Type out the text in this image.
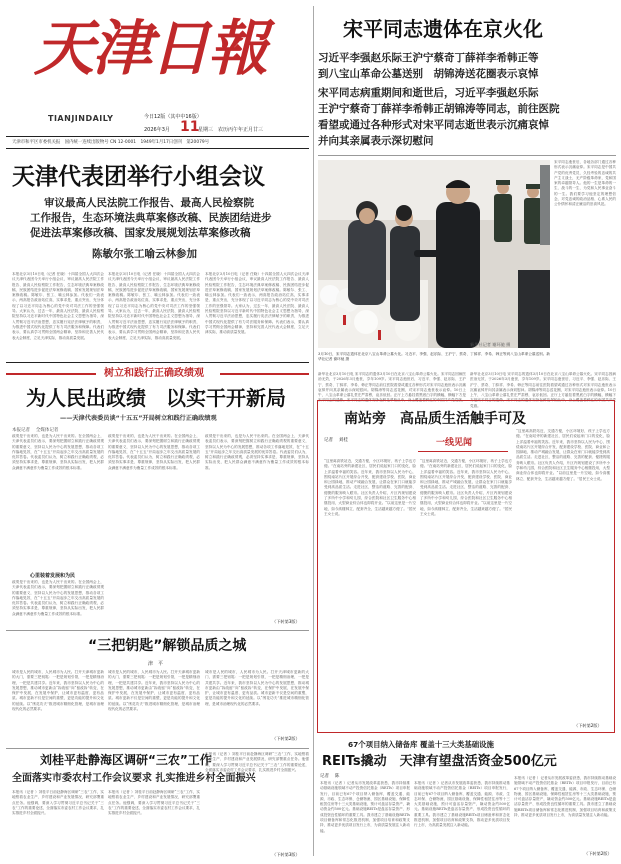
天津日報
TIANJINDAILY	今日12版（其中中16版）
2026年3月 11
星期三　农历丙午年正月廿三
天津市和平区市委机关报　国内统一连续出版物号 CN 12-0001　1949年1月17日创刊　第20079号
宋平同志遗体在京火化
习近平李强赵乐际王沪宁蔡奇丁薛祥李希韩正等
到八宝山革命公墓送别　胡锦涛送花圈表示哀悼
宋平同志病重期间和逝世后，习近平李强赵乐际
王沪宁蔡奇丁薛祥李希韩正胡锦涛等同志，前往医院
看望或通过各种形式对宋平同志逝世表示沉痛哀悼
并向其亲属表示深切慰问
天津代表团举行小组会议
审议最高人民法院工作报告、最高人民检察院
工作报告，生态环境法典草案修改稿、民族团结进步
促进法草案修改稿、国家发展规划法草案修改稿
陈敏尔张工喻云林参加
本报北京3月10日电（记者 任晓）十四届全国人大四次会议天津代表团今天举行小组会议，审议最高人民法院工作报告、最高人民检察院工作报告，生态环境法典草案修改稿、民族团结进步促进法草案修改稿、国家发展规划法草案修改稿。陈敏尔、张工、喻云林参加。代表们一致表示，两高报告政治站位高，实事求是、重点突出，充分体现了以习近平同志为核心的党中央对司法工作的坚强领导。大家认为，过去一年，最高人民法院、最高人民检察院坚持以习近平新时代中国特色社会主义思想为指导，深入贯彻习近平法治思想，忠实履行宪法法律赋予的职责，为推进中国式现代化提供了有力司法服务和保障。代表们表示，要认真学习贯彻全国两会精神，坚持和完善人民代表大会制度，立足天津实际，推动高质量发展。
本报北京3月10日电（记者 任晓）十四届全国人大四次会议天津代表团今天举行小组会议，审议最高人民法院工作报告、最高人民检察院工作报告，生态环境法典草案修改稿、民族团结进步促进法草案修改稿、国家发展规划法草案修改稿。陈敏尔、张工、喻云林参加。代表们一致表示，两高报告政治站位高，实事求是、重点突出，充分体现了以习近平同志为核心的党中央对司法工作的坚强领导。大家认为，过去一年，最高人民法院、最高人民检察院坚持以习近平新时代中国特色社会主义思想为指导，深入贯彻习近平法治思想，忠实履行宪法法律赋予的职责，为推进中国式现代化提供了有力司法服务和保障。代表们表示，要认真学习贯彻全国两会精神，坚持和完善人民代表大会制度，立足天津实际，推动高质量发展。
本报北京3月10日电（记者 任晓）十四届全国人大四次会议天津代表团今天举行小组会议，审议最高人民法院工作报告、最高人民检察院工作报告，生态环境法典草案修改稿、民族团结进步促进法草案修改稿、国家发展规划法草案修改稿。陈敏尔、张工、喻云林参加。代表们一致表示，两高报告政治站位高，实事求是、重点突出，充分体现了以习近平同志为核心的党中央对司法工作的坚强领导。大家认为，过去一年，最高人民法院、最高人民检察院坚持以习近平新时代中国特色社会主义思想为指导，深入贯彻习近平法治思想，忠实履行宪法法律赋予的职责，为推进中国式现代化提供了有力司法服务和保障。代表们表示，要认真学习贯彻全国两会精神，坚持和完善人民代表大会制度，立足天津实际，推动高质量发展。
宋平同志逝世后，各地各部门通过各种形式表示沉痛哀悼。宋平同志是中国共产党的优秀党员，久经考验的忠诚的共产主义战士，无产阶级革命家，党和国家的卓越领导人。他的一生是革命的一生、战斗的一生、为党和人民事业奋斗的一生。我们要学习他坚定的理想信念、对党忠诚的政治品格、心系人民的公仆情怀和清正廉洁的崇高风范。
3月10日，宋平同志遗体在北京八宝山革命公墓火化。习近平、李强、赵乐际、王沪宁、蔡奇、丁薛祥、李希、韩正等到八宝山革命公墓送别。新华社记者 谢环驰 摄
新华社北京3月10日电 宋平同志的遗体3月10日在北京八宝山革命公墓火化。宋平同志因病医治无效，于2026年3月逝世，享年109岁。宋平同志逝世后，习近平、李强、赵乐际、王沪宁、蔡奇、丁薛祥、李希、韩正等同志前往医院看望或通过各种形式对宋平同志逝世表示沉痛哀悼并向其亲属表示深切慰问。胡锦涛等同志送花圈，对宋平同志逝世表示哀悼。10日上午，八宝山革命公墓礼堂庄严肃穆，哀乐低回。正厅上方悬挂着黑底白字的横幅，横幅下方是宋平同志的遗像。宋平同志的遗体安卧在鲜花翠柏丛中，身上覆盖着鲜红的中国共产党党旗。
新华社北京3月10日电 宋平同志的遗体3月10日在北京八宝山革命公墓火化。宋平同志因病医治无效，于2026年3月逝世，享年109岁。宋平同志逝世后，习近平、李强、赵乐际、王沪宁、蔡奇、丁薛祥、李希、韩正等同志前往医院看望或通过各种形式对宋平同志逝世表示沉痛哀悼并向其亲属表示深切慰问。胡锦涛等同志送花圈，对宋平同志逝世表示哀悼。10日上午，八宝山革命公墓礼堂庄严肃穆，哀乐低回。正厅上方悬挂着黑底白字的横幅，横幅下方是宋平同志的遗像。宋平同志的遗体安卧在鲜花翠柏丛中，身上覆盖着鲜红的中国共产党党旗。
新华社记者 谢环驰 摄
树立和践行正确政绩观
为人民出政绩　以实干开新局
——天津代表委员谈“十五五”开局树立和践行正确政绩观
本报记者 　全媒体记者
政绩是干出来的，也是为人民干出来的。在全国两会上，天津代表委员们表示，要深刻把握树立和践行正确政绩观的重要意义，坚持以人民为中心的发展思想，推动各项工作落地见效，在“十五五”开局起步之年交出高质量发展的优异答卷。代表委员们认为，树立和践行正确政绩观，必须坚持实事求是、尊重规律，坚持从实际出发，把人民群众满意不满意作为衡量工作成效的根本标准。
心里装着发展和为民
政绩是干出来的，也是为人民干出来的。在全国两会上，天津代表委员们表示，要深刻把握树立和践行正确政绩观的重要意义，坚持以人民为中心的发展思想，推动各项工作落地见效，在“十五五”开局起步之年交出高质量发展的优异答卷。代表委员们认为，树立和践行正确政绩观，必须坚持实事求是、尊重规律，坚持从实际出发，把人民群众满意不满意作为衡量工作成效的根本标准。
政绩是干出来的，也是为人民干出来的。在全国两会上，天津代表委员们表示，要深刻把握树立和践行正确政绩观的重要意义，坚持以人民为中心的发展思想，推动各项工作落地见效，在“十五五”开局起步之年交出高质量发展的优异答卷。代表委员们认为，树立和践行正确政绩观，必须坚持实事求是、尊重规律，坚持从实际出发，把人民群众满意不满意作为衡量工作成效的根本标准。
政绩是干出来的，也是为人民干出来的。在全国两会上，天津代表委员们表示，要深刻把握树立和践行正确政绩观的重要意义，坚持以人民为中心的发展思想，推动各项工作落地见效，在“十五五”开局起步之年交出高质量发展的优异答卷。代表委员们认为，树立和践行正确政绩观，必须坚持实事求是、尊重规律，坚持从实际出发，把人民群众满意不满意作为衡量工作成效的根本标准。
（下转第3版）
“三把钥匙”解锁品质之城
津　平
城市是人民的城市，人民城市为人民。打开天津城市更新的大门，需要三把钥匙：一把是规划引领，一把是精细治理，一把是共建共享。近年来，我市坚持以人民为中心的发展思想，推动城市更新由“拆改留”向“留改拆”转变，在保护中发展，在发展中保护，让城市更有温度、更有品质。城市更新不仅是空间的重塑，更是功能的提升和文化的延续。以“绣花功夫”推进城市精细化管理，是城市治理现代化的必然要求。
城市是人民的城市，人民城市为人民。打开天津城市更新的大门，需要三把钥匙：一把是规划引领，一把是精细治理，一把是共建共享。近年来，我市坚持以人民为中心的发展思想，推动城市更新由“拆改留”向“留改拆”转变，在保护中发展，在发展中保护，让城市更有温度、更有品质。城市更新不仅是空间的重塑，更是功能的提升和文化的延续。以“绣花功夫”推进城市精细化管理，是城市治理现代化的必然要求。
城市是人民的城市，人民城市为人民。打开天津城市更新的大门，需要三把钥匙：一把是规划引领，一把是精细治理，一把是共建共享。近年来，我市坚持以人民为中心的发展思想，推动城市更新由“拆改留”向“留改拆”转变，在保护中发展，在发展中保护，让城市更有温度、更有品质。城市更新不仅是空间的重塑，更是功能的提升和文化的延续。以“绣花功夫”推进城市精细化管理，是城市治理现代化的必然要求。
（下转第2版）
刘桂平赴静海区调研“三农”工作
全面落实市委农村工作会议要求 扎实推进乡村全面振兴
本报讯（记者 ）刘桂平日前赴静海区调研“三农”工作，实地察看农业生产、乡村建设和产业发展情况，研究部署重点任务。他强调，要深入学习贯彻习近平总书记关于“三农”工作的重要论述，全面落实市委农村工作会议要求，扎实推进乡村全面振兴。
本报讯（记者 ）刘桂平日前赴静海区调研“三农”工作，实地察看农业生产、乡村建设和产业发展情况，研究部署重点任务。他强调，要深入学习贯彻习近平总书记关于“三农”工作的重要论述，全面落实市委农村工作会议要求，扎实推进乡村全面振兴。
本报讯（记者 ）刘桂平日前赴静海区调研“三农”工作，实地察看农业生产、乡村建设和产业发展情况，研究部署重点任务。他强调，要深入学习贯彻习近平总书记关于“三农”工作的重要论述，全面落实市委农村工作会议要求，扎实推进乡村全面振兴。
（下转第3版）
南站旁　高品质生活触手可及
一线见闻
记者 　刘桂
“这里离高铁站近，交通方便，小区环境好，孩子上学也方便。”在南站旁的新建社区，居民们说起家门口的变化，脸上洋溢着幸福的笑容。近年来，我市坚持以人民为中心，围绕南站片区开展综合开发，配套建设学校、医院、商业和公园绿地，推动产城融合发展，让群众在家门口就能享受到高品质生活。走进社区，整洁的道路、完善的配套、便捷的服务映入眼帘。社区负责人介绍，片区内规划建设了多所中小学和幼儿园，综合医院和社区卫生服务中心相继投用，大型商业综合体也即将开业。“以前这里是一片空地，如今高楼林立、配套齐全，生活越来越方便了。”居民王女士说。
“这里离高铁站近，交通方便，小区环境好，孩子上学也方便。”在南站旁的新建社区，居民们说起家门口的变化，脸上洋溢着幸福的笑容。近年来，我市坚持以人民为中心，围绕南站片区开展综合开发，配套建设学校、医院、商业和公园绿地，推动产城融合发展，让群众在家门口就能享受到高品质生活。走进社区，整洁的道路、完善的配套、便捷的服务映入眼帘。社区负责人介绍，片区内规划建设了多所中小学和幼儿园，综合医院和社区卫生服务中心相继投用，大型商业综合体也即将开业。“以前这里是一片空地，如今高楼林立、配套齐全，生活越来越方便了。”居民王女士说。
“这里离高铁站近，交通方便，小区环境好，孩子上学也方便。”在南站旁的新建社区，居民们说起家门口的变化，脸上洋溢着幸福的笑容。近年来，我市坚持以人民为中心，围绕南站片区开展综合开发，配套建设学校、医院、商业和公园绿地，推动产城融合发展，让群众在家门口就能享受到高品质生活。走进社区，整洁的道路、完善的配套、便捷的服务映入眼帘。社区负责人介绍，片区内规划建设了多所中小学和幼儿园，综合医院和社区卫生服务中心相继投用，大型商业综合体也即将开业。“以前这里是一片空地，如今高楼林立、配套齐全，生活越来越方便了。”居民王女士说。
（下转第2版）
67个项目纳入储备库 覆盖十三大类基础设施
REITs撬动　天津有望盘活资金500亿元
记者 　陈
本报讯（记者 ）记者从市发展改革委获悉，我市持续推动基础设施领域不动产投资信托基金（REITs）项目申报发行，目前已有67个项目纳入储备库，覆盖交通、能源、市政、生态环保、仓储物流、园区基础设施、保障性租赁住房等十三大类基础设施，预计可盘活存量资产，撬动资金约500亿元。基础设施REITs是盘活存量资产、形成投资良性循环的重要工具。我市建立了基础设施REITs项目储备库和常态化推进机制，加强项目培育和政策支持，推动更多优质项目发行上市，为高质量发展注入新动能。
本报讯（记者 ）记者从市发展改革委获悉，我市持续推动基础设施领域不动产投资信托基金（REITs）项目申报发行，目前已有67个项目纳入储备库，覆盖交通、能源、市政、生态环保、仓储物流、园区基础设施、保障性租赁住房等十三大类基础设施，预计可盘活存量资产，撬动资金约500亿元。基础设施REITs是盘活存量资产、形成投资良性循环的重要工具。我市建立了基础设施REITs项目储备库和常态化推进机制，加强项目培育和政策支持，推动更多优质项目发行上市，为高质量发展注入新动能。
本报讯（记者 ）记者从市发展改革委获悉，我市持续推动基础设施领域不动产投资信托基金（REITs）项目申报发行，目前已有67个项目纳入储备库，覆盖交通、能源、市政、生态环保、仓储物流、园区基础设施、保障性租赁住房等十三大类基础设施，预计可盘活存量资产，撬动资金约500亿元。基础设施REITs是盘活存量资产、形成投资良性循环的重要工具。我市建立了基础设施REITs项目储备库和常态化推进机制，加强项目培育和政策支持，推动更多优质项目发行上市，为高质量发展注入新动能。
（下转第2版）
